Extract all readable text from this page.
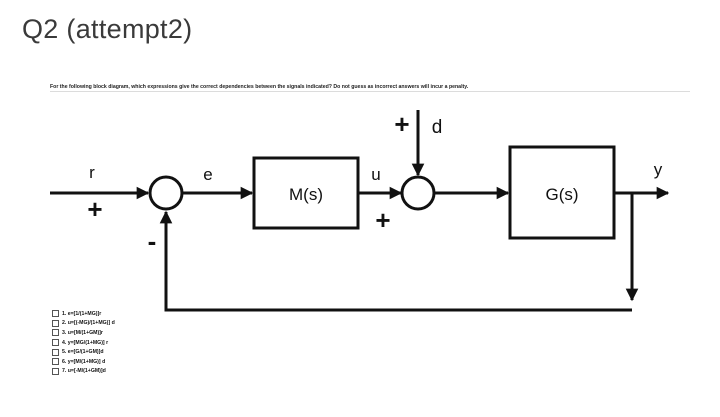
Q2 (attempt2)
For the following block diagram, which expressions give the correct dependencies between the signals indicated? Do not guess as incorrect answers will incur a penalty.
r
+
e
-
M(s)
u
+
+ d
G(s)
y
1. e=[1/(1+MG)]r
2. u=[(-MG)/(1+MG)] d
3. u=[M/(1+GM)]r
4. y=[MG/(1+MG)] r
5. e=[G/(1+GM)]d
6. y=[M/(1+MG)] d
7. u=[-M/(1+GM)]d
